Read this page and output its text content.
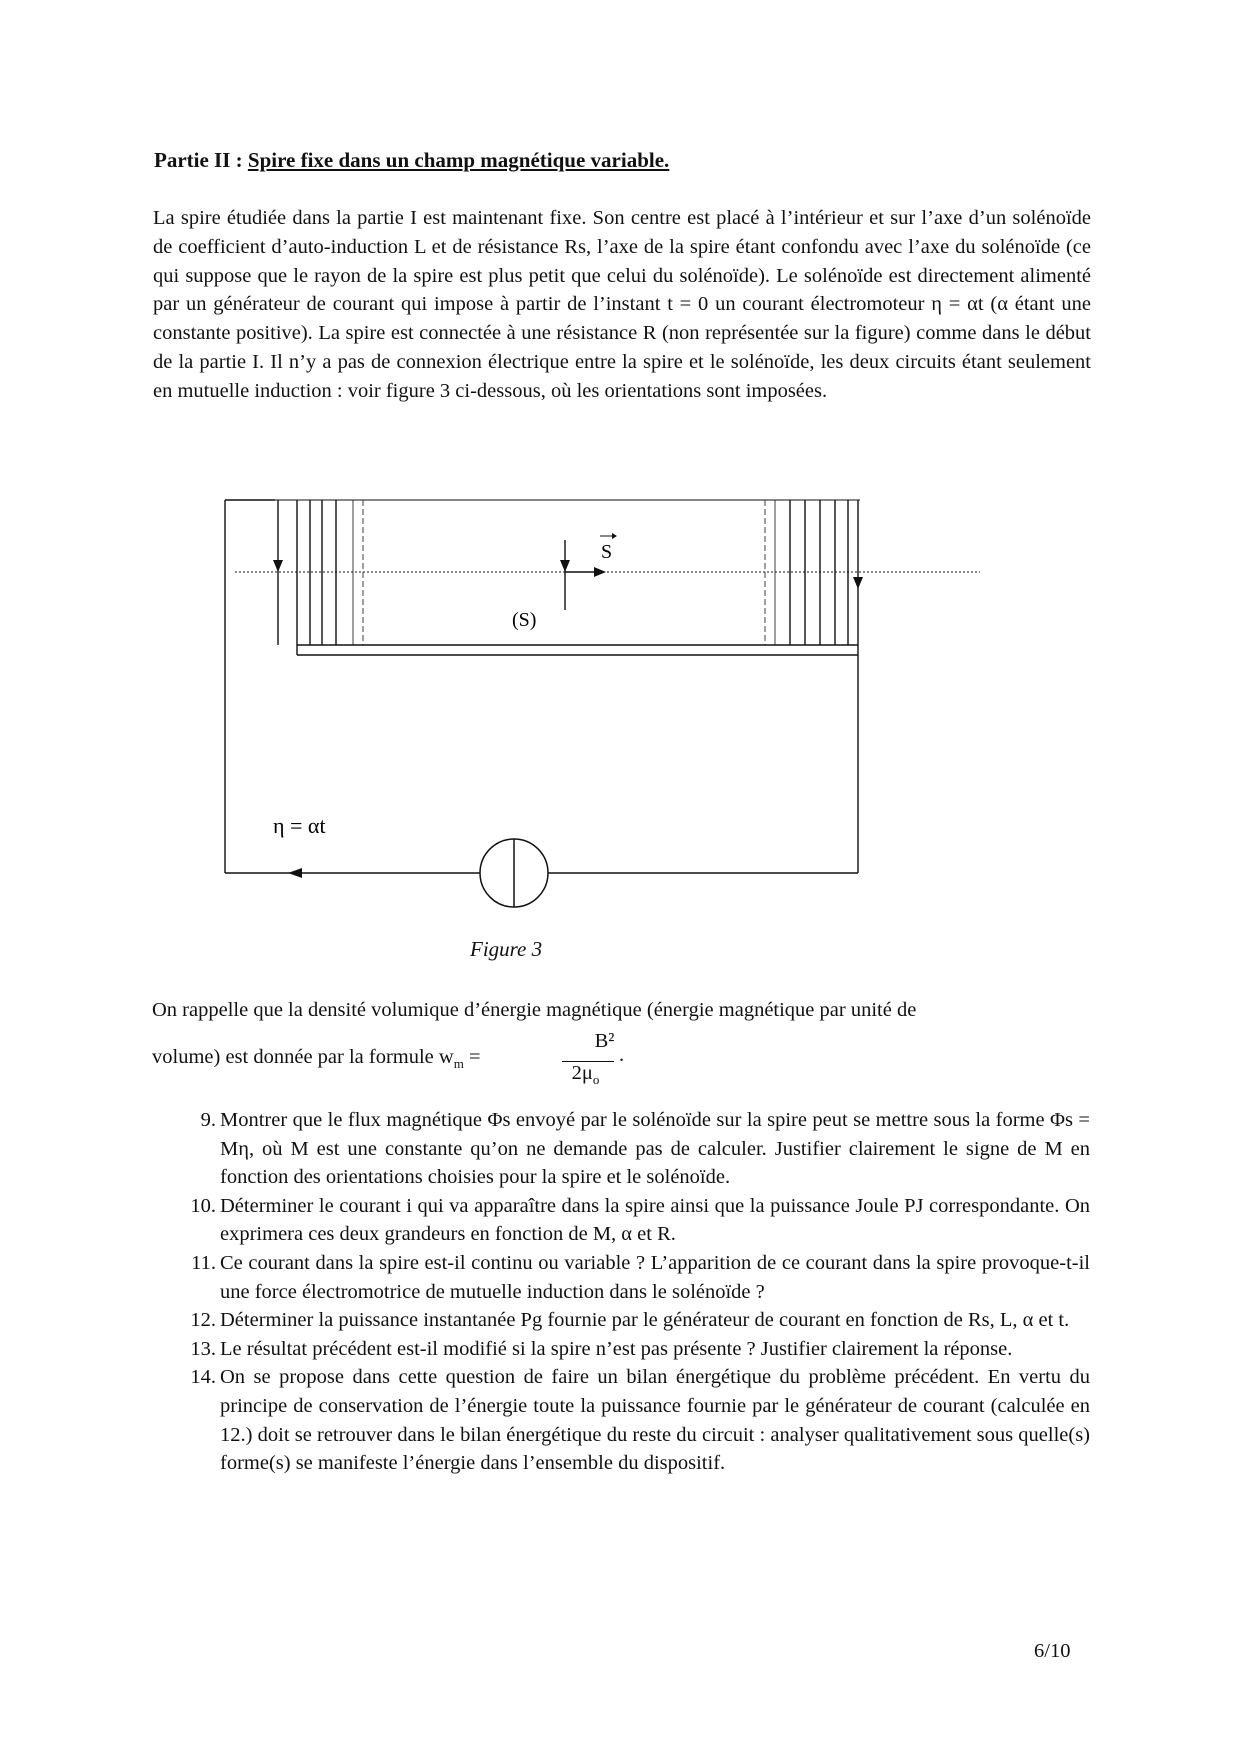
Partie II : Spire fixe dans un champ magnétique variable.
La spire étudiée dans la partie I est maintenant fixe. Son centre est placé à l’intérieur et sur l’axe d’un solénoïde de coefficient d’auto-induction L et de résistance Rs, l’axe de la spire étant confondu avec l’axe du solénoïde (ce qui suppose que le rayon de la spire est plus petit que celui du solénoïde). Le solénoïde est directement alimenté par un générateur de courant qui impose à partir de l’instant t = 0 un courant électromoteur η = αt (α étant une constante positive). La spire est connectée à une résistance R (non représentée sur la figure) comme dans le début de la partie I. Il n’y a pas de connexion électrique entre la spire et le solénoïde, les deux circuits étant seulement en mutuelle induction : voir figure 3 ci-dessous, où les orientations sont imposées.
S
(S)
η = αt
Figure 3
On rappelle que la densité volumique d’énergie magnétique (énergie magnétique par unité de
volume) est donnée par la formule $w_m$ =
B²
$2\mu_o$
.
9. Montrer que le flux magnétique Φs envoyé par le solénoïde sur la spire peut se mettre sous la forme Φs = Mη, où M est une constante qu’on ne demande pas de calculer. Justifier clairement le signe de M en fonction des orientations choisies pour la spire et le solénoïde.
10. Déterminer le courant i qui va apparaître dans la spire ainsi que la puissance Joule PJ correspondante. On exprimera ces deux grandeurs en fonction de M, α et R.
11. Ce courant dans la spire est-il continu ou variable ? L’apparition de ce courant dans la spire provoque-t-il une force électromotrice de mutuelle induction dans le solénoïde ?
12. Déterminer la puissance instantanée Pg fournie par le générateur de courant en fonction de Rs, L, α et t.
13. Le résultat précédent est-il modifié si la spire n’est pas présente ? Justifier clairement la réponse.
14. On se propose dans cette question de faire un bilan énergétique du problème précédent. En vertu du principe de conservation de l’énergie toute la puissance fournie par le générateur de courant (calculée en 12.) doit se retrouver dans le bilan énergétique du reste du circuit : analyser qualitativement sous quelle(s) forme(s) se manifeste l’énergie dans l’ensemble du dispositif.
6/10
